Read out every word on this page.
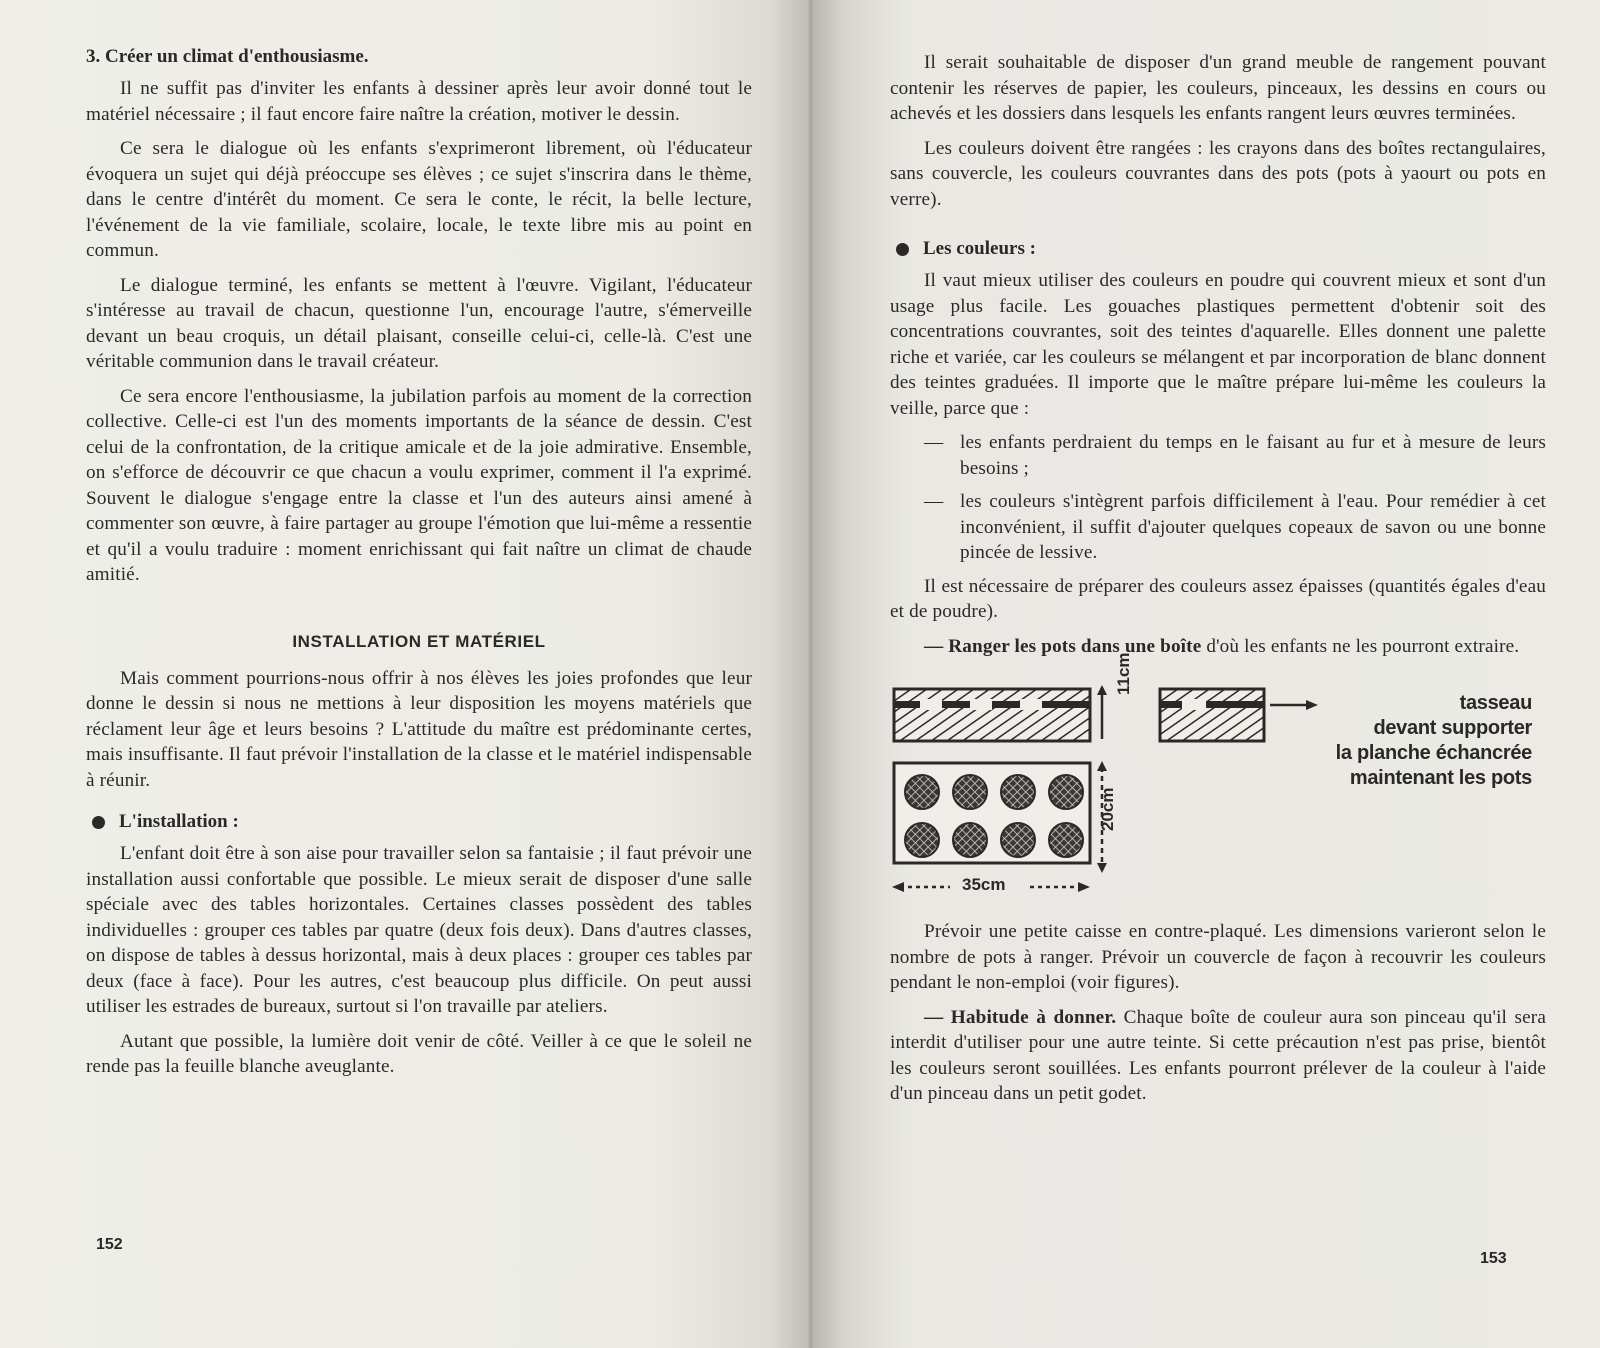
3. Créer un climat d'enthousiasme.

Il ne suffit pas d'inviter les enfants à dessiner après leur avoir donné tout le matériel nécessaire ; il faut encore faire naître la création, motiver le dessin.

Ce sera le dialogue où les enfants s'exprimeront librement, où l'éducateur évoquera un sujet qui déjà préoccupe ses élèves ; ce sujet s'inscrira dans le thème, dans le centre d'intérêt du moment. Ce sera le conte, le récit, la belle lecture, l'événement de la vie familiale, scolaire, locale, le texte libre mis au point en commun.

Le dialogue terminé, les enfants se mettent à l'œuvre. Vigilant, l'éducateur s'intéresse au travail de chacun, questionne l'un, encourage l'autre, s'émerveille devant un beau croquis, un détail plaisant, conseille celui-ci, celle-là. C'est une véritable communion dans le travail créateur.

Ce sera encore l'enthousiasme, la jubilation parfois au moment de la correction collective. Celle-ci est l'un des moments importants de la séance de dessin. C'est celui de la confrontation, de la critique amicale et de la joie admirative. Ensemble, on s'efforce de découvrir ce que chacun a voulu exprimer, comment il l'a exprimé. Souvent le dialogue s'engage entre la classe et l'un des auteurs ainsi amené à commenter son œuvre, à faire partager au groupe l'émotion que lui-même a ressentie et qu'il a voulu traduire : moment enrichissant qui fait naître un climat de chaude amitié.

INSTALLATION ET MATÉRIEL

Mais comment pourrions-nous offrir à nos élèves les joies profondes que leur donne le dessin si nous ne mettions à leur disposition les moyens matériels que réclament leur âge et leurs besoins ? L'attitude du maître est prédominante certes, mais insuffisante. Il faut prévoir l'installation de la classe et le matériel indispensable à réunir.

L'installation :

L'enfant doit être à son aise pour travailler selon sa fantaisie ; il faut prévoir une installation aussi confortable que possible. Le mieux serait de disposer d'une salle spéciale avec des tables horizontales. Certaines classes possèdent des tables individuelles : grouper ces tables par quatre (deux fois deux). Dans d'autres classes, on dispose de tables à dessus horizontal, mais à deux places : grouper ces tables par deux (face à face). Pour les autres, c'est beaucoup plus difficile. On peut aussi utiliser les estrades de bureaux, surtout si l'on travaille par ateliers.

Autant que possible, la lumière doit venir de côté. Veiller à ce que le soleil ne rende pas la feuille blanche aveuglante.

152

Il serait souhaitable de disposer d'un grand meuble de rangement pouvant contenir les réserves de papier, les couleurs, pinceaux, les dessins en cours ou achevés et les dossiers dans lesquels les enfants rangent leurs œuvres terminées.

Les couleurs doivent être rangées : les crayons dans des boîtes rectangulaires, sans couvercle, les couleurs couvrantes dans des pots (pots à yaourt ou pots en verre).

Les couleurs :

Il vaut mieux utiliser des couleurs en poudre qui couvrent mieux et sont d'un usage plus facile. Les gouaches plastiques permettent d'obtenir soit des concentrations couvrantes, soit des teintes d'aquarelle. Elles donnent une palette riche et variée, car les couleurs se mélangent et par incorporation de blanc donnent des teintes graduées. Il importe que le maître prépare lui-même les couleurs la veille, parce que :

— les enfants perdraient du temps en le faisant au fur et à mesure de leurs besoins ;

— les couleurs s'intègrent parfois difficilement à l'eau. Pour remédier à cet inconvénient, il suffit d'ajouter quelques copeaux de savon ou une bonne pincée de lessive.

Il est nécessaire de préparer des couleurs assez épaisses (quantités égales d'eau et de poudre).

— Ranger les pots dans une boîte d'où les enfants ne les pourront extraire.

11cm
20cm
35cm
tasseau
devant supporter
la planche échancrée
maintenant les pots

Prévoir une petite caisse en contre-plaqué. Les dimensions varieront selon le nombre de pots à ranger. Prévoir un couvercle de façon à recouvrir les couleurs pendant le non-emploi (voir figures).

— Habitude à donner. Chaque boîte de couleur aura son pinceau qu'il sera interdit d'utiliser pour une autre teinte. Si cette précaution n'est pas prise, bientôt les couleurs seront souillées. Les enfants pourront prélever de la couleur à l'aide d'un pinceau dans un petit godet.

153
